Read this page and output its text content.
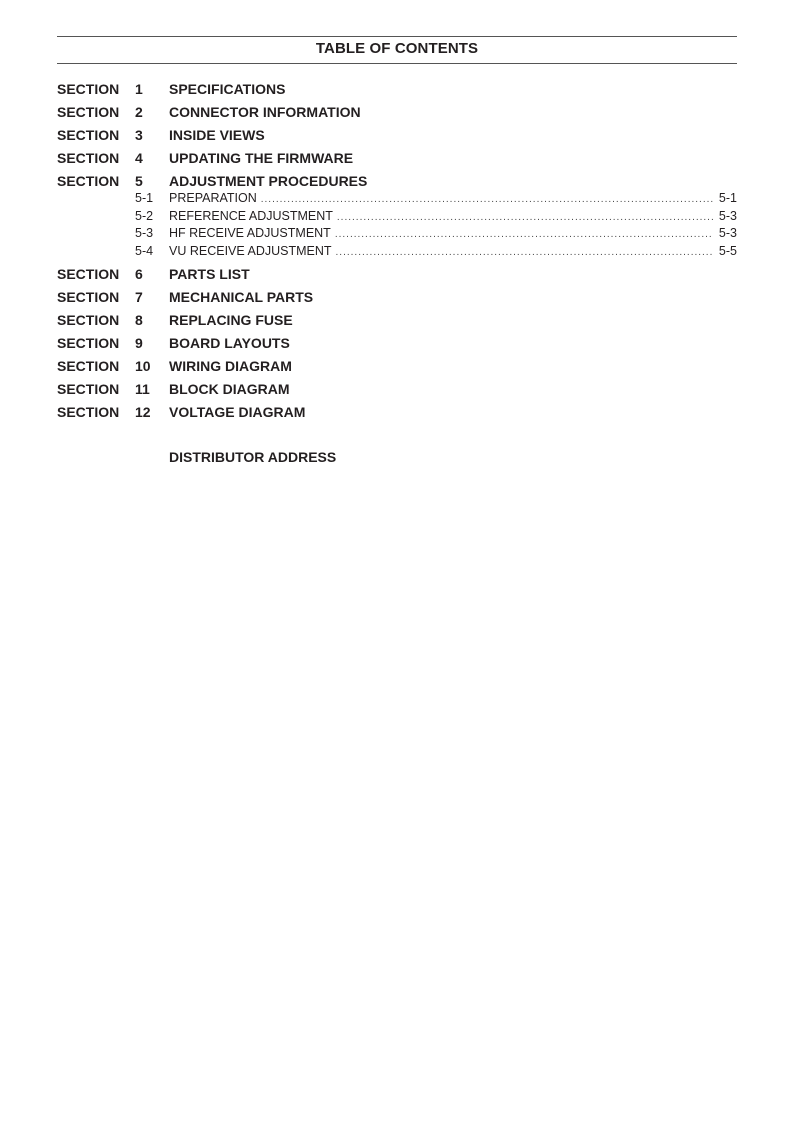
TABLE OF CONTENTS
SECTION 1 SPECIFICATIONS
SECTION 2 CONNECTOR INFORMATION
SECTION 3 INSIDE VIEWS
SECTION 4 UPDATING THE FIRMWARE
SECTION 5 ADJUSTMENT PROCEDURES
5-1 PREPARATION .....	5-1
5-2 REFERENCE ADJUSTMENT .....	5-3
5-3 HF RECEIVE ADJUSTMENT .....	5-3
5-4 VU RECEIVE ADJUSTMENT .....	5-5
SECTION 6 PARTS LIST
SECTION 7 MECHANICAL PARTS
SECTION 8 REPLACING FUSE
SECTION 9 BOARD LAYOUTS
SECTION 10 WIRING DIAGRAM
SECTION 11 BLOCK DIAGRAM
SECTION 12 VOLTAGE DIAGRAM
DISTRIBUTOR ADDRESS
